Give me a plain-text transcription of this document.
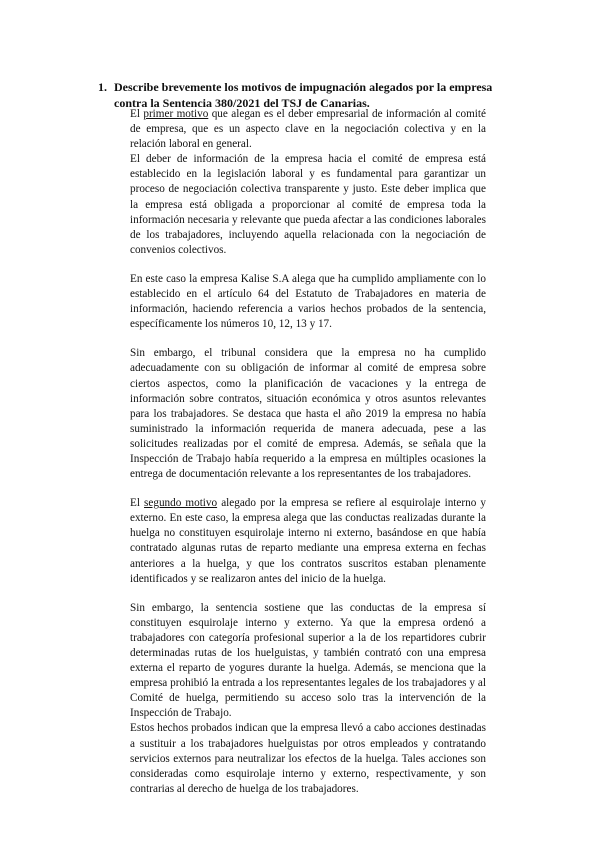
1. Describe brevemente los motivos de impugnación alegados por la empresa contra la Sentencia 380/2021 del TSJ de Canarias.

El primer motivo que alegan es el deber empresarial de información al comité de empresa, que es un aspecto clave en la negociación colectiva y en la relación laboral en general.

El deber de información de la empresa hacia el comité de empresa está establecido en la legislación laboral y es fundamental para garantizar un proceso de negociación colectiva transparente y justo. Este deber implica que la empresa está obligada a proporcionar al comité de empresa toda la información necesaria y relevante que pueda afectar a las condiciones laborales de los trabajadores, incluyendo aquella relacionada con la negociación de convenios colectivos.

En este caso la empresa Kalise S.A alega que ha cumplido ampliamente con lo establecido en el artículo 64 del Estatuto de Trabajadores en materia de información, haciendo referencia a varios hechos probados de la sentencia, específicamente los números 10, 12, 13 y 17.

Sin embargo, el tribunal considera que la empresa no ha cumplido adecuadamente con su obligación de informar al comité de empresa sobre ciertos aspectos, como la planificación de vacaciones y la entrega de información sobre contratos, situación económica y otros asuntos relevantes para los trabajadores. Se destaca que hasta el año 2019 la empresa no había suministrado la información requerida de manera adecuada, pese a las solicitudes realizadas por el comité de empresa. Además, se señala que la Inspección de Trabajo había requerido a la empresa en múltiples ocasiones la entrega de documentación relevante a los representantes de los trabajadores.

El segundo motivo alegado por la empresa se refiere al esquirolaje interno y externo. En este caso, la empresa alega que las conductas realizadas durante la huelga no constituyen esquirolaje interno ni externo, basándose en que había contratado algunas rutas de reparto mediante una empresa externa en fechas anteriores a la huelga, y que los contratos suscritos estaban plenamente identificados y se realizaron antes del inicio de la huelga.

Sin embargo, la sentencia sostiene que las conductas de la empresa sí constituyen esquirolaje interno y externo. Ya que la empresa ordenó a trabajadores con categoría profesional superior a la de los repartidores cubrir determinadas rutas de los huelguistas, y también contrató con una empresa externa el reparto de yogures durante la huelga. Además, se menciona que la empresa prohibió la entrada a los representantes legales de los trabajadores y al Comité de huelga, permitiendo su acceso solo tras la intervención de la Inspección de Trabajo.

Estos hechos probados indican que la empresa llevó a cabo acciones destinadas a sustituir a los trabajadores huelguistas por otros empleados y contratando servicios externos para neutralizar los efectos de la huelga. Tales acciones son consideradas como esquirolaje interno y externo, respectivamente, y son contrarias al derecho de huelga de los trabajadores.
